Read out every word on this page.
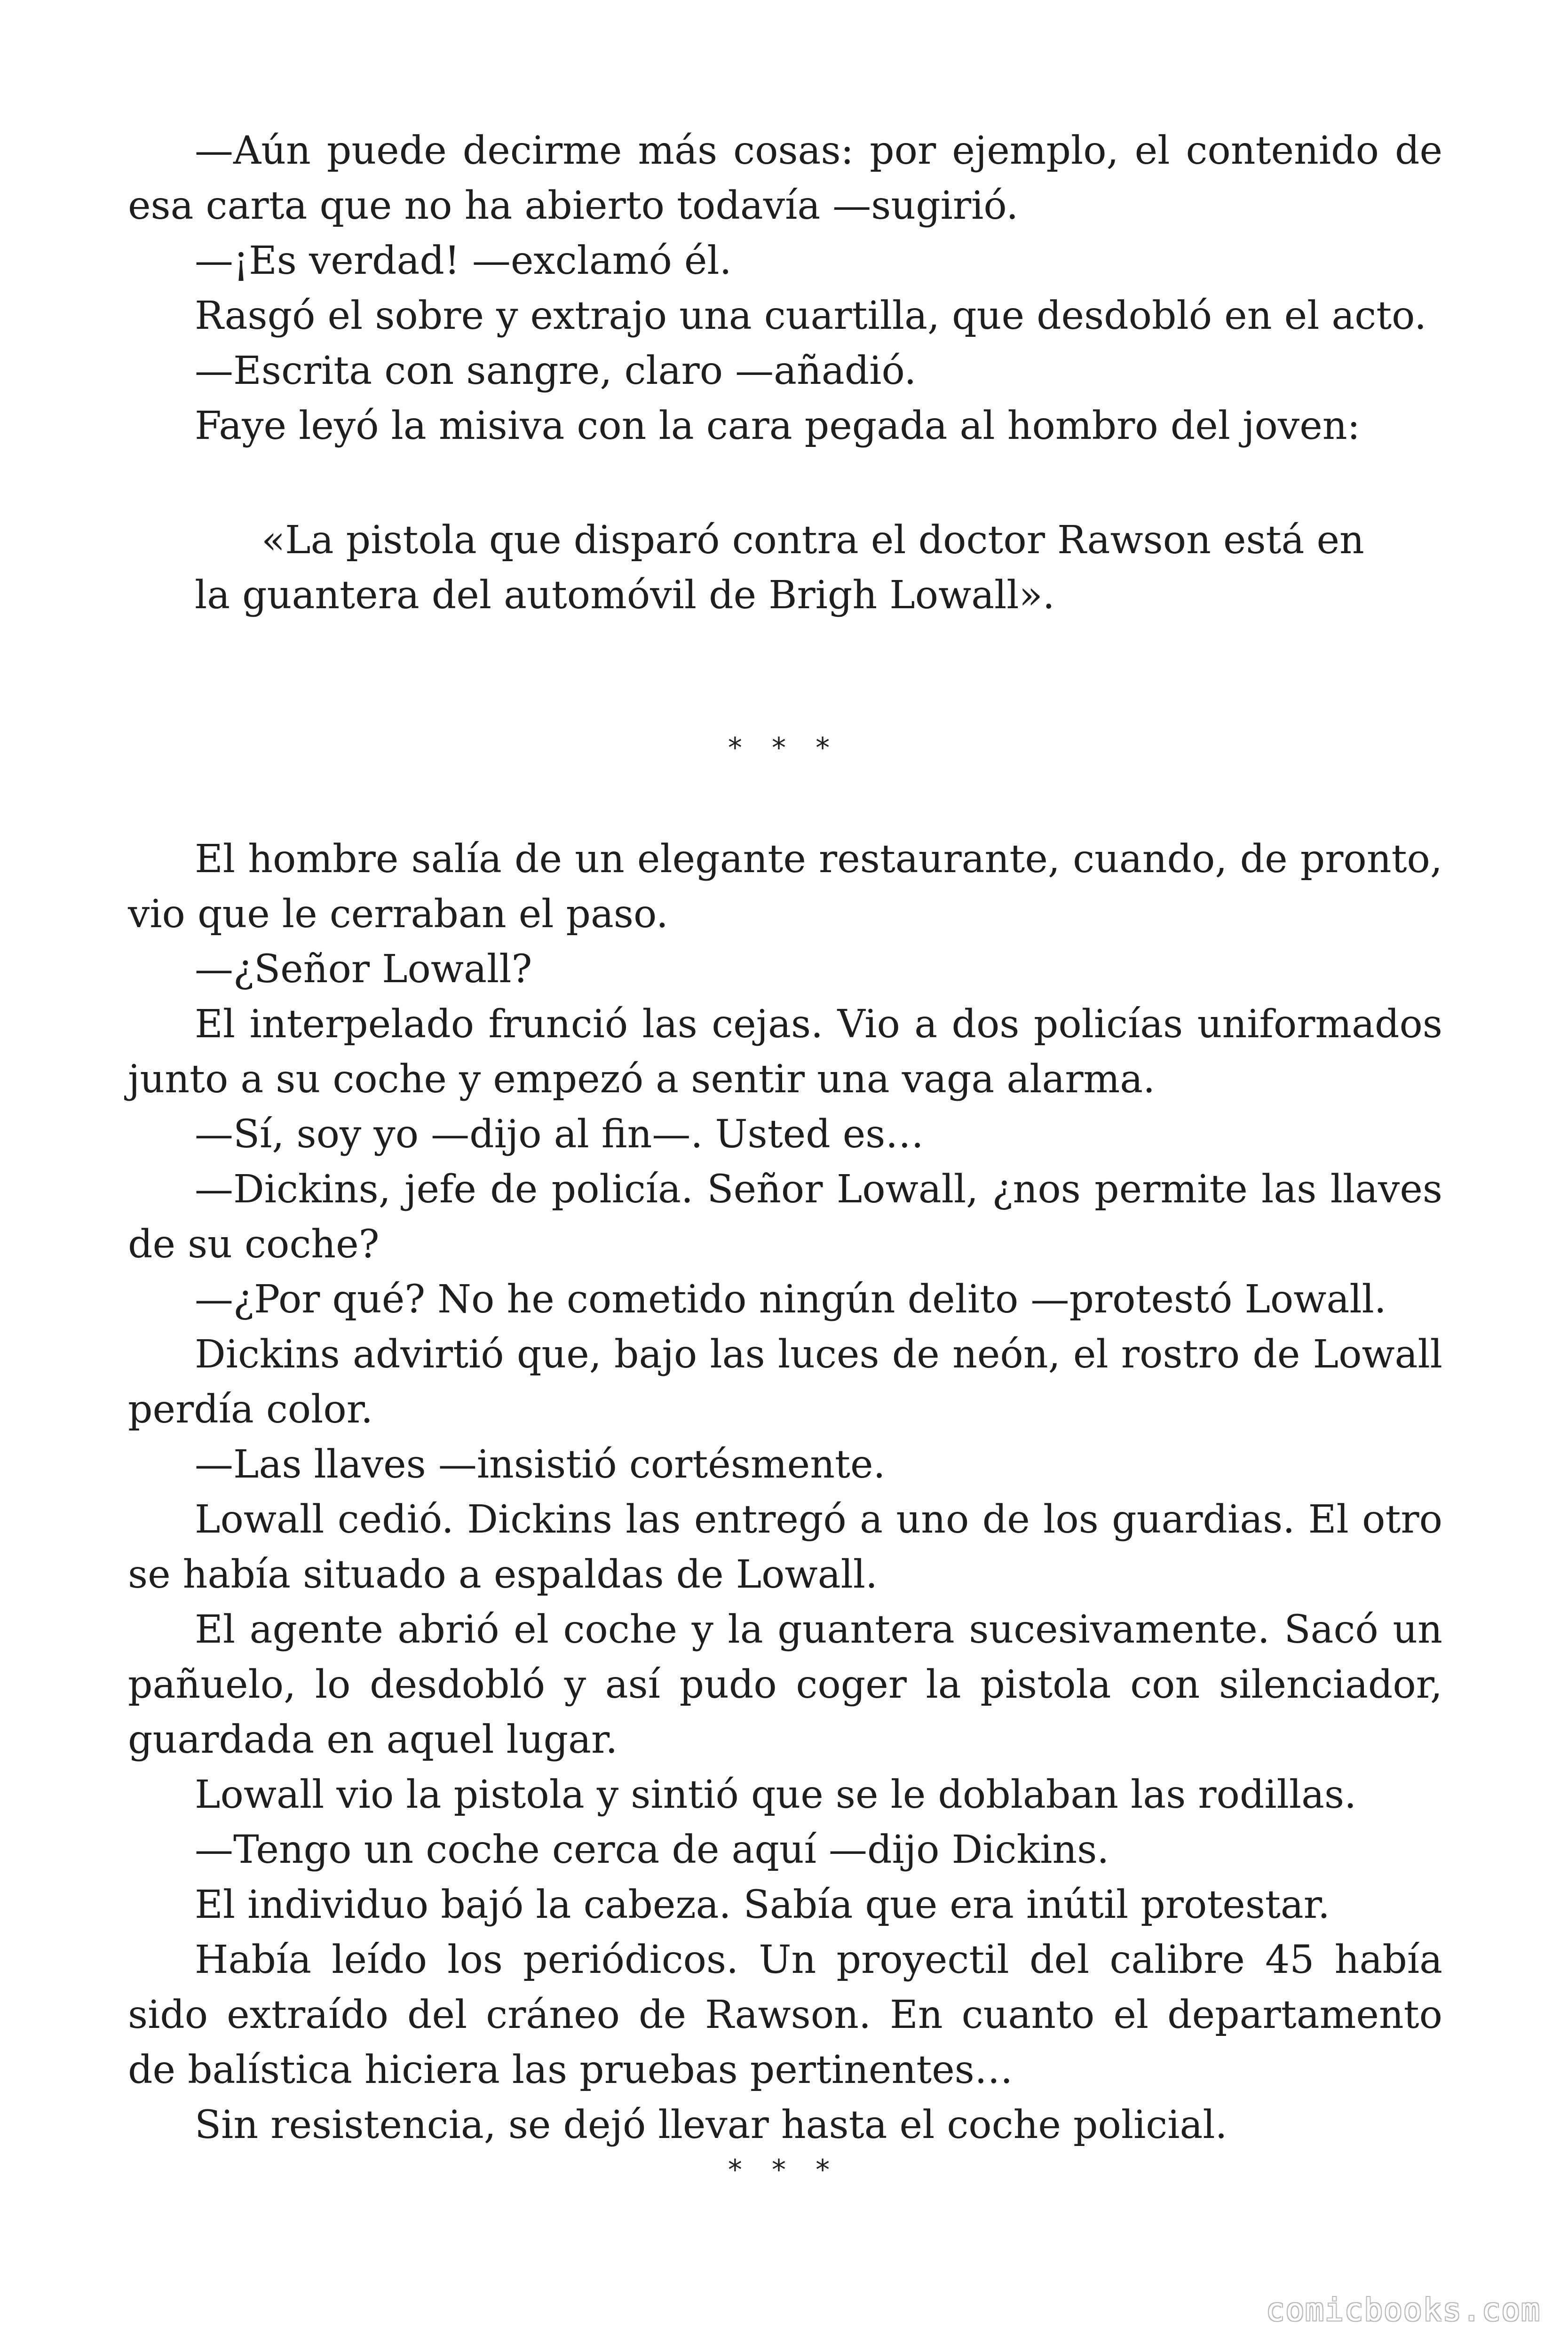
—Aún puede decirme más cosas: por ejemplo, el contenido de esa carta que no ha abierto todavía —sugirió.

—¡Es verdad! —exclamó él.

Rasgó el sobre y extrajo una cuartilla, que desdobló en el acto.

—Escrita con sangre, claro —añadió.

Faye leyó la misiva con la cara pegada al hombro del joven:

«La pistola que disparó contra el doctor Rawson está en la guantera del automóvil de Brigh Lowall».

* * *

El hombre salía de un elegante restaurante, cuando, de pronto, vio que le cerraban el paso.

—¿Señor Lowall?

El interpelado frunció las cejas. Vio a dos policías uniformados junto a su coche y empezó a sentir una vaga alarma.

—Sí, soy yo —dijo al fin—. Usted es…

—Dickins, jefe de policía. Señor Lowall, ¿nos permite las llaves de su coche?

—¿Por qué? No he cometido ningún delito —protestó Lowall.

Dickins advirtió que, bajo las luces de neón, el rostro de Lowall perdía color.

—Las llaves —insistió cortésmente.

Lowall cedió. Dickins las entregó a uno de los guardias. El otro se había situado a espaldas de Lowall.

El agente abrió el coche y la guantera sucesivamente. Sacó un pañuelo, lo desdobló y así pudo coger la pistola con silenciador, guardada en aquel lugar.

Lowall vio la pistola y sintió que se le doblaban las rodillas.

—Tengo un coche cerca de aquí —dijo Dickins.

El individuo bajó la cabeza. Sabía que era inútil protestar.

Había leído los periódicos. Un proyectil del calibre 45 había sido extraído del cráneo de Rawson. En cuanto el departamento de balística hiciera las pruebas pertinentes…

Sin resistencia, se dejó llevar hasta el coche policial.

* * *
comicbooks.com
